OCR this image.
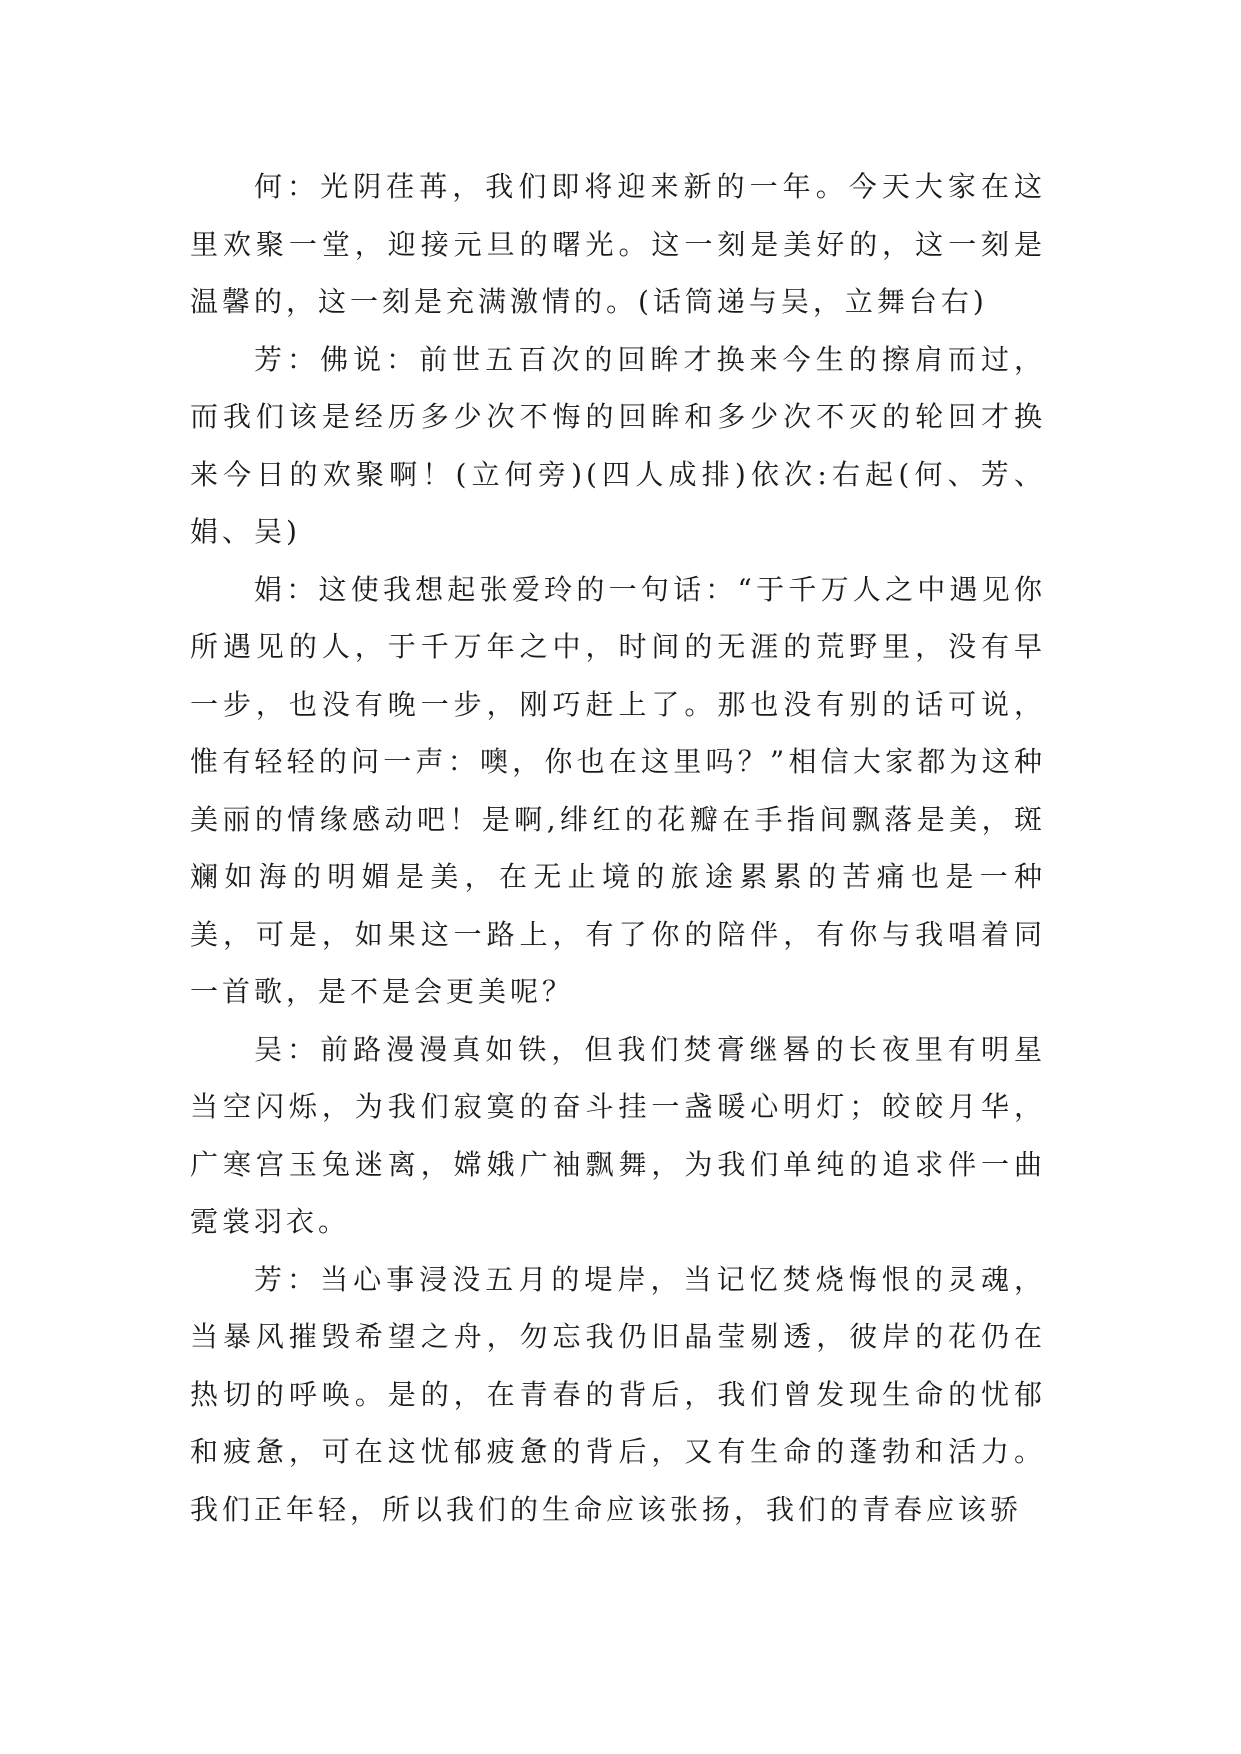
何：光阴荏苒，我们即将迎来新的一年。今天大家在这里欢聚一堂，迎接元旦的曙光。这一刻是美好的，这一刻是温馨的，这一刻是充满激情的。(话筒递与吴，立舞台右)

芳：佛说：前世五百次的回眸才换来今生的擦肩而过，而我们该是经历多少次不悔的回眸和多少次不灭的轮回才换来今日的欢聚啊！(立何旁)(四人成排)依次:右起(何、芳、娟、吴)

娟：这使我想起张爱玲的一句话：“于千万人之中遇见你所遇见的人，于千万年之中，时间的无涯的荒野里，没有早一步，也没有晚一步，刚巧赶上了。那也没有别的话可说，惟有轻轻的问一声：噢，你也在这里吗？”相信大家都为这种美丽的情缘感动吧！是啊,绯红的花瓣在手指间飘落是美，斑斓如海的明媚是美，在无止境的旅途累累的苦痛也是一种美，可是，如果这一路上，有了你的陪伴，有你与我唱着同一首歌，是不是会更美呢？

吴：前路漫漫真如铁，但我们焚膏继晷的长夜里有明星当空闪烁，为我们寂寞的奋斗挂一盏暖心明灯；皎皎月华，广寒宫玉兔迷离，嫦娥广袖飘舞，为我们单纯的追求伴一曲霓裳羽衣。

芳：当心事浸没五月的堤岸，当记忆焚烧悔恨的灵魂，当暴风摧毁希望之舟，勿忘我仍旧晶莹剔透，彼岸的花仍在热切的呼唤。是的，在青春的背后，我们曾发现生命的忧郁和疲惫，可在这忧郁疲惫的背后，又有生命的蓬勃和活力。我们正年轻，所以我们的生命应该张扬，我们的青春应该骄
